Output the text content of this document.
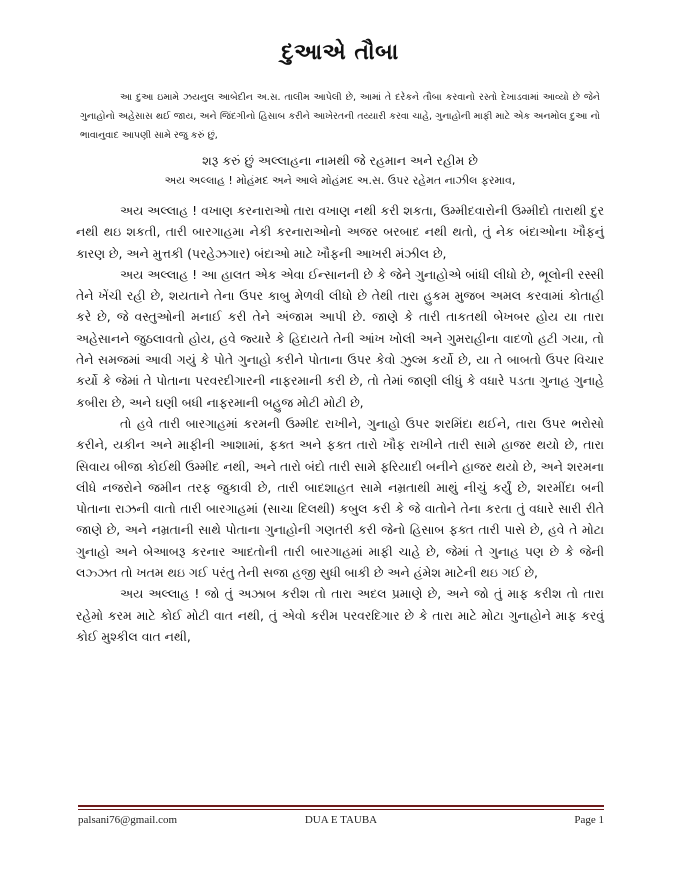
દુઆએ તૌબા

આ દુઆ ઇમામે ઝયનુલ આબેદીન અ.સ. તાલીમ આપેલી છે, આમાં તે દરેકને તૌબા કરવાનો રસ્તો દેખાડવામાં આવ્યો છે જેને ગુનાહોનો અહેસાસ થઈ જાય, અને જિંદગીનો હિસાબ કરીને આખેરતની તય્યારી કરવા ચાહે, ગુનાહોની માફી માટે એક અનમોલ દુઆ નો ભાવાનુવાદ આપણી સામે રજુ કરું છું,

શરૂ કરું છું અલ્લાહના નામથી જે રહમાન અને રહીમ છે
અય અલ્લાહ ! મોહંમદ અને આલે મોહંમદ અ.સ. ઉપર રહેમત નાઝીલ ફરમાવ,

અય અલ્લાહ ! વખાણ કરનારાઓ તારા વખાણ નથી કરી શકતા, ઉમ્મીદવારોની ઉમ્મીદો તારાથી દુર નથી થઇ શકતી, તારી બારગાહમા નેકી કરનારાઓનો અજર બરબાદ નથી થતો, તું નેક બંદાઓના ખૌફનું કારણ છે, અને મુત્તકી (પરહેઝગાર) બંદાઓ માટે ખૌફની આખરી મંઝીલ છે,

અય અલ્લાહ ! આ હાલત એક એવા ઈન્સાનની છે કે જેને ગુનાહોએ બાંધી લીધો છે, ભૂલોની રસ્સી તેને ખેંચી રહી છે, શયતાને તેના ઉપર કાબુ મેળવી લીધો છે તેથી તારા હુકમ મુજબ અમલ કરવામાં કોતાહી કરે છે, જે વસ્તુઓની મનાઈ કરી તેને અંજામ આપી છે. જાણે કે તારી તાકતથી બેખબર હોય યા તારા અહેસાનને જુઠલાવતો હોય, હવે જ્યારે કે હિદાયતે તેની આંખ ખોલી અને ગુમરાહીના વાદળો હટી ગયા, તો તેને સમજમાં આવી ગયું કે પોતે ગુનાહો કરીને પોતાના ઉપર કેવો ઝુલ્મ કર્યો છે, યા તે બાબતો ઉપર વિચાર કર્યો કે જેમાં તે પોતાના પરવરદીગારની નાફરમાની કરી છે, તો તેમાં જાણી લીધું કે વધારે પડતા ગુનાહ ગુનાહે કબીરા છે, અને ઘણી બધી નાફરમાની બહુજ મોટી મોટી છે,

તો હવે તારી બારગાહમાં કરમની ઉમ્મીદ રાખીને, ગુનાહો ઉપર શરમિંદા થઈને, તારા ઉપર ભરોસો કરીને, યકીન અને માફીની આશામાં, ફક્ત અને ફક્ત તારો ખૌફ રાખીને તારી સામે હાજર થયો છે, તારા સિવાય બીજા કોઈથી ઉમ્મીદ નથી, અને તારો બંદો તારી સામે ફરિયાદી બનીને હાજર થયો છે, અને શરમના લીધે નજરોને જમીન તરફ જુકાવી છે, તારી બાદશાહત સામે નમ્રતાથી માથું નીચું કર્યું છે, શરમીંદા બની પોતાના રાઝની વાતો તારી બારગાહમાં (સાચા દિલથી) કબુલ કરી કે જે વાતોને તેના કરતા તું વધારે સારી રીતે જાણે છે, અને નમ્રતાની સાથે પોતાના ગુનાહોની ગણતરી કરી જેનો હિસાબ ફક્ત તારી પાસે છે, હવે તે મોટા ગુનાહો અને બેઆબરૂ કરનાર આદતોની તારી બારગાહમાં માફી ચાહે છે, જેમાં તે ગુનાહ પણ છે કે જેની લઝ્ઝત તો ખતમ થઇ ગઈ પરંતુ તેની સજા હજી સુધી બાકી છે અને હંમેશ માટેની થઇ ગઈ છે,

અય અલ્લાહ ! જો તું અઝાબ કરીશ તો તારા અદલ પ્રમાણે છે, અને જો તું માફ કરીશ તો તારા રહેમો કરમ માટે કોઈ મોટી વાત નથી, તું એવો કરીમ પરવરદિગાર છે કે તારા માટે મોટા ગુનાહોને માફ કરવું કોઈ મુશ્કીલ વાત નથી,

palsani76@gmail.com	DUA E TAUBA	Page 1
